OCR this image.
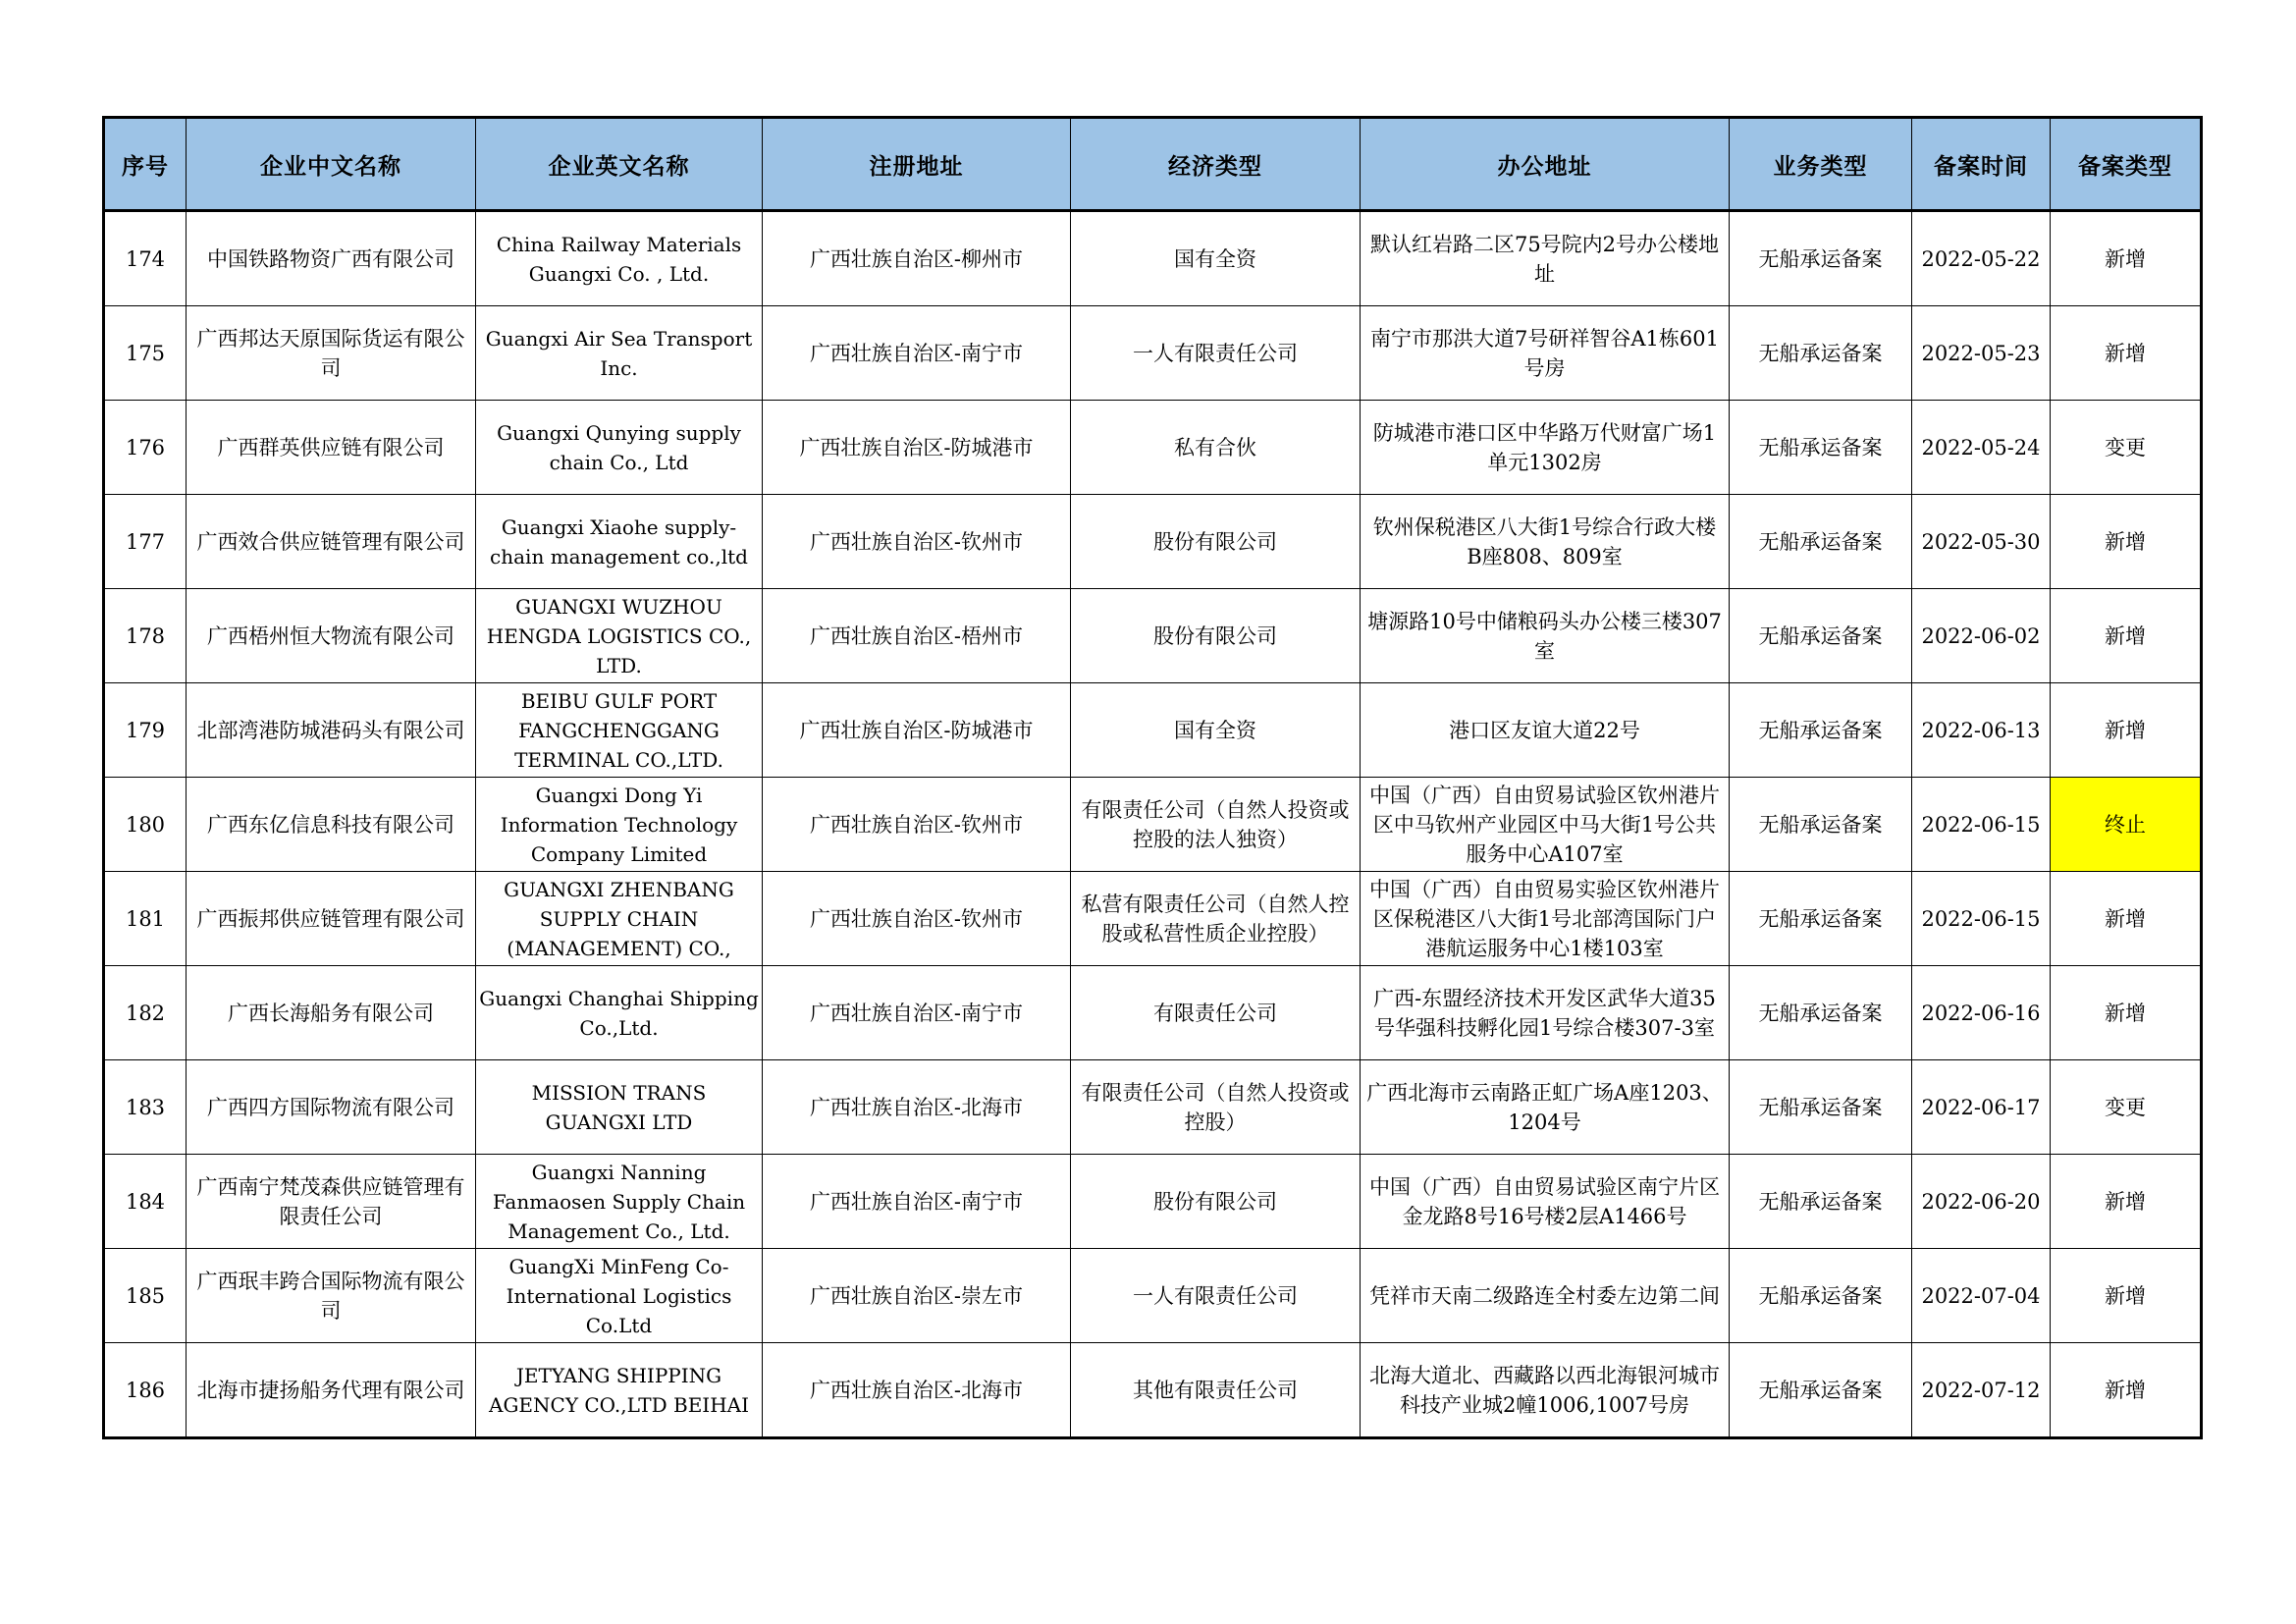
序号	企业中文名称	企业英文名称	注册地址	经济类型	办公地址	业务类型	备案时间	备案类型
174	中国铁路物资广西有限公司	China Railway Materials Guangxi Co. , Ltd.	广西壮族自治区-柳州市	国有全资	默认红岩路二区75号院内2号办公楼地址	无船承运备案	2022-05-22	新增
175	广西邦达天原国际货运有限公司	Guangxi Air Sea Transport Inc.	广西壮族自治区-南宁市	一人有限责任公司	南宁市那洪大道7号研祥智谷A1栋601号房	无船承运备案	2022-05-23	新增
176	广西群英供应链有限公司	Guangxi Qunying supply chain Co., Ltd	广西壮族自治区-防城港市	私有合伙	防城港市港口区中华路万代财富广场1单元1302房	无船承运备案	2022-05-24	变更
177	广西效合供应链管理有限公司	Guangxi Xiaohe supply-chain management co.,ltd	广西壮族自治区-钦州市	股份有限公司	钦州保税港区八大街1号综合行政大楼B座808、809室	无船承运备案	2022-05-30	新增
178	广西梧州恒大物流有限公司	GUANGXI WUZHOU HENGDA LOGISTICS CO., LTD.	广西壮族自治区-梧州市	股份有限公司	塘源路10号中储粮码头办公楼三楼307室	无船承运备案	2022-06-02	新增
179	北部湾港防城港码头有限公司	BEIBU GULF PORT FANGCHENGGANG TERMINAL CO.,LTD.	广西壮族自治区-防城港市	国有全资	港口区友谊大道22号	无船承运备案	2022-06-13	新增
180	广西东亿信息科技有限公司	Guangxi Dong Yi Information Technology Company Limited	广西壮族自治区-钦州市	有限责任公司（自然人投资或控股的法人独资）	中国（广西）自由贸易试验区钦州港片区中马钦州产业园区中马大街1号公共服务中心A107室	无船承运备案	2022-06-15	终止
181	广西振邦供应链管理有限公司	GUANGXI ZHENBANG SUPPLY CHAIN (MANAGEMENT) CO.,	广西壮族自治区-钦州市	私营有限责任公司（自然人控股或私营性质企业控股）	中国（广西）自由贸易实验区钦州港片区保税港区八大街1号北部湾国际门户港航运服务中心1楼103室	无船承运备案	2022-06-15	新增
182	广西长海船务有限公司	Guangxi Changhai Shipping Co.,Ltd.	广西壮族自治区-南宁市	有限责任公司	广西-东盟经济技术开发区武华大道35号华强科技孵化园1号综合楼307-3室	无船承运备案	2022-06-16	新增
183	广西四方国际物流有限公司	MISSION TRANS GUANGXI LTD	广西壮族自治区-北海市	有限责任公司（自然人投资或控股）	广西北海市云南路正虹广场A座1203、1204号	无船承运备案	2022-06-17	变更
184	广西南宁梵茂森供应链管理有限责任公司	Guangxi Nanning Fanmaosen Supply Chain Management Co., Ltd.	广西壮族自治区-南宁市	股份有限公司	中国（广西）自由贸易试验区南宁片区金龙路8号16号楼2层A1466号	无船承运备案	2022-06-20	新增
185	广西珉丰跨合国际物流有限公司	GuangXi MinFeng Co-International Logistics Co.Ltd	广西壮族自治区-崇左市	一人有限责任公司	凭祥市天南二级路连全村委左边第二间	无船承运备案	2022-07-04	新增
186	北海市捷扬船务代理有限公司	JETYANG SHIPPING AGENCY CO.,LTD BEIHAI	广西壮族自治区-北海市	其他有限责任公司	北海大道北、西藏路以西北海银河城市科技产业城2幢1006,1007号房	无船承运备案	2022-07-12	新增
